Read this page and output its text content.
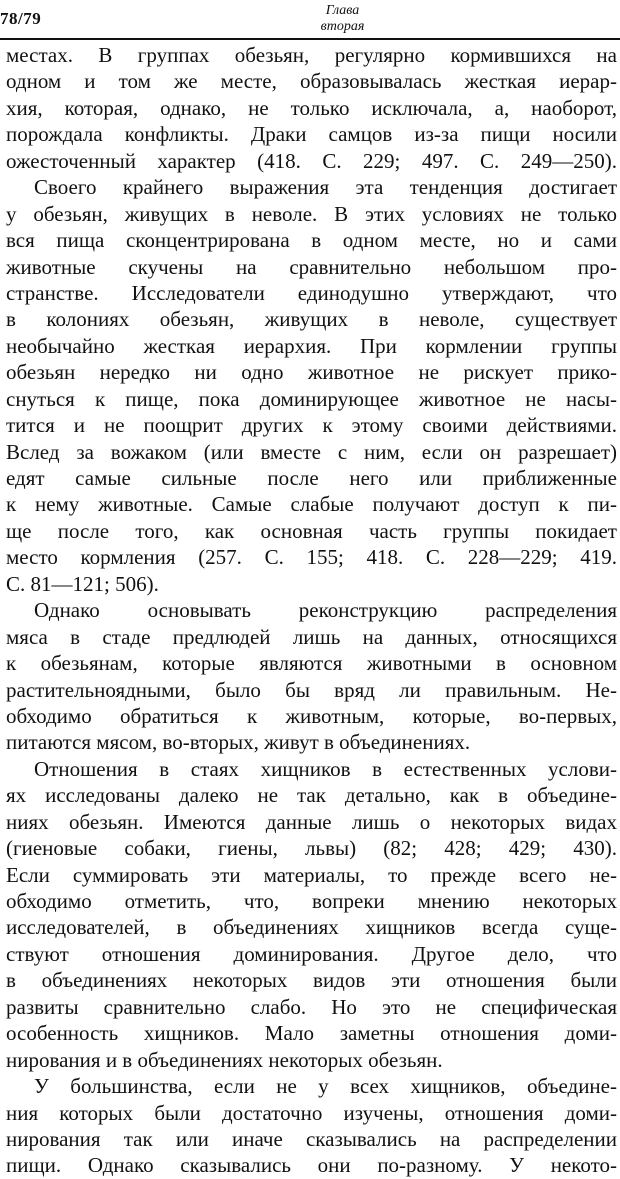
78/79	Глава
вторая
местах. В группах обезьян, регулярно кормившихся на
одном и том же месте, образовывалась жесткая иерар-
хия, которая, однако, не только исключала, а, наоборот,
порождала конфликты. Драки самцов из-за пищи носили
ожесточенный характер (418. С. 229; 497. С. 249—250).
Своего крайнего выражения эта тенденция достигает
у обезьян, живущих в неволе. В этих условиях не только
вся пища сконцентрирована в одном месте, но и сами
животные скучены на сравнительно небольшом про-
странстве. Исследователи единодушно утверждают, что
в колониях обезьян, живущих в неволе, существует
необычайно жесткая иерархия. При кормлении группы
обезьян нередко ни одно животное не рискует прико-
снуться к пище, пока доминирующее животное не насы-
тится и не поощрит других к этому своими действиями.
Вслед за вожаком (или вместе с ним, если он разрешает)
едят самые сильные после него или приближенные
к нему животные. Самые слабые получают доступ к пи-
ще после того, как основная часть группы покидает
место кормления (257. С. 155; 418. С. 228—229; 419.
С. 81—121; 506).
Однако основывать реконструкцию распределения
мяса в стаде предлюдей лишь на данных, относящихся
к обезьянам, которые являются животными в основном
растительноядными, было бы вряд ли правильным. Не-
обходимо обратиться к животным, которые, во-первых,
питаются мясом, во-вторых, живут в объединениях.
Отношения в стаях хищников в естественных услови-
ях исследованы далеко не так детально, как в объедине-
ниях обезьян. Имеются данные лишь о некоторых видах
(гиеновые собаки, гиены, львы) (82; 428; 429; 430).
Если суммировать эти материалы, то прежде всего не-
обходимо отметить, что, вопреки мнению некоторых
исследователей, в объединениях хищников всегда суще-
ствуют отношения доминирования. Другое дело, что
в объединениях некоторых видов эти отношения были
развиты сравнительно слабо. Но это не специфическая
особенность хищников. Мало заметны отношения доми-
нирования и в объединениях некоторых обезьян.
У большинства, если не у всех хищников, объедине-
ния которых были достаточно изучены, отношения доми-
нирования так или иначе сказывались на распределении
пищи. Однако сказывались они по-разному. У некото-
